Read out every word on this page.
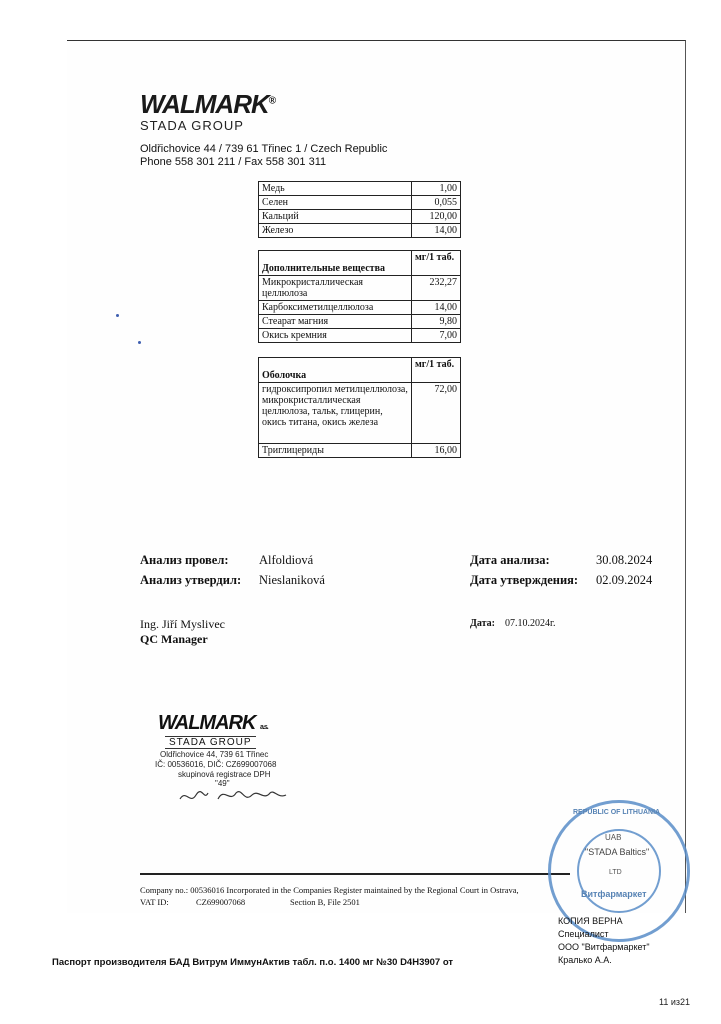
WALMARK®
STADA GROUP
Oldřichovice 44 / 739 61 Třinec 1 / Czech Republic
Phone 558 301 211 / Fax 558 301 311
Медь	1,00
Селен	0,055
Кальций	120,00
Железо	14,00
Дополнительные вещества	мг/1 таб.
Микрокристаллическая целлюлоза	232,27
Карбоксиметилцеллюлоза	14,00
Стеарат магния	9,80
Окись кремния	7,00
Оболочка	мг/1 таб.
гидроксипропил метилцеллюлоза, микрокристаллическая целлюлоза, тальк, глицерин, окись титана, окись железа	72,00
Триглицериды	16,00
Анализ провел: Alfoldiová
Анализ утвердил: Nieslaniková
Дата анализа:	30.08.2024
Дата утверждения: 02.09.2024
Ing. Jiří Myslivec
QC Manager
Дата: 07.10.2024г.
WALMARK a.s.
STADA GROUP
Oldřichovice 44, 739 61 Třinec
IČ: 00536016, DIČ: CZ699007068
skupinová registrace DPH
"49"
Company no.: 00536016 Incorporated in the Companies Register maintained by the Regional Court in Ostrava,
VAT ID:	CZ699007068	Section B, File 2501
REPUBLIC OF LITHUANIA
UAB
"STADA Baltics"
LTD
Витфармаркет
КОПИЯ ВЕРНА
Специалист
ООО "Витфармаркет"
Кралько А.А.
Паспорт производителя БАД Витрум ИммунАктив табл. п.о. 1400 мг №30 D4H3907 от
11 из21
